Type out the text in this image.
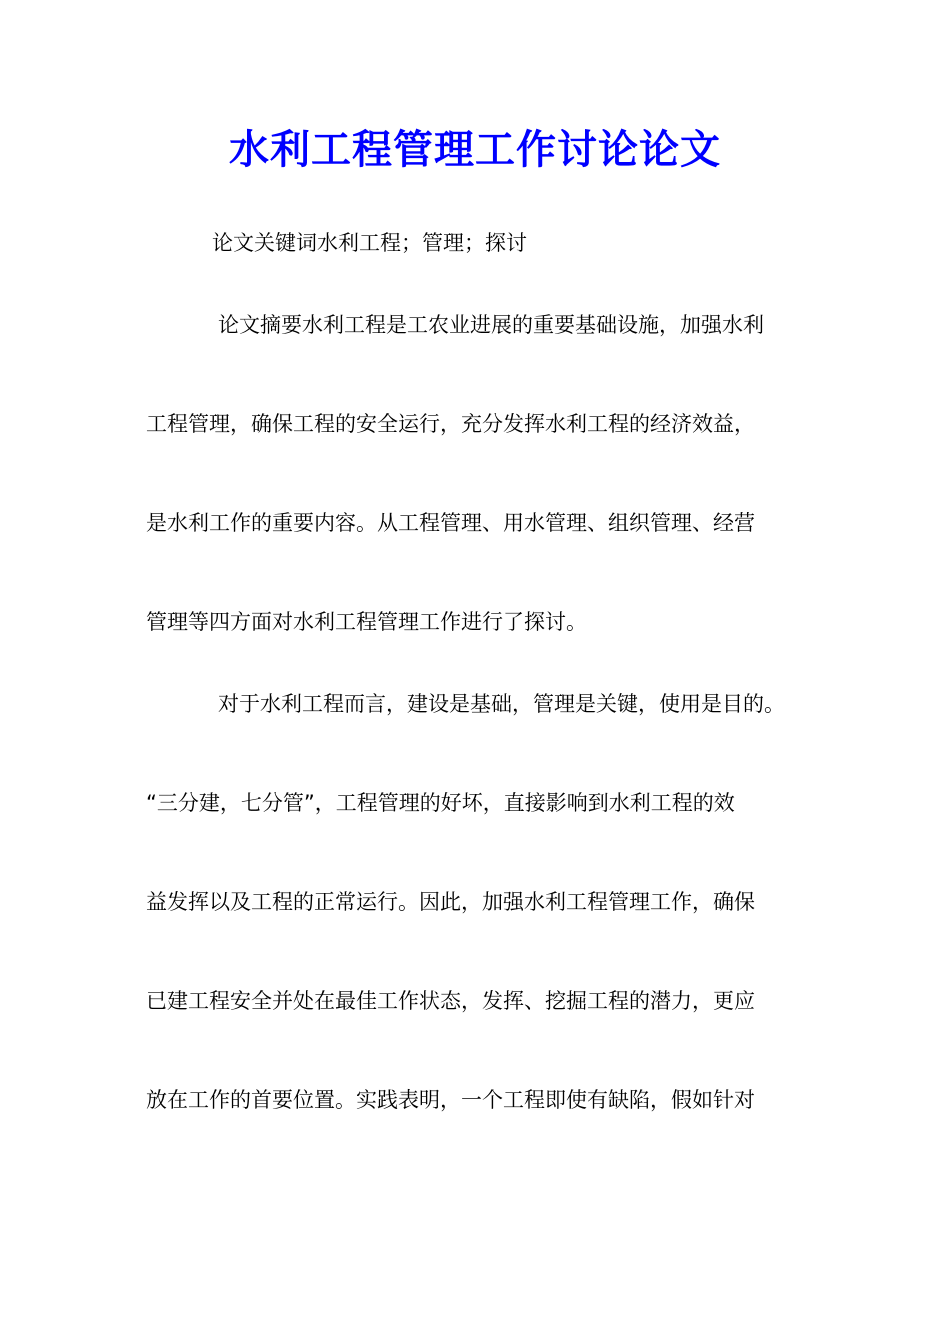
水利工程管理工作讨论论文
论文关键词水利工程；管理；探讨
论文摘要水利工程是工农业进展的重要基础设施，加强水利
工程管理，确保工程的安全运行，充分发挥水利工程的经济效益，
是水利工作的重要内容。从工程管理、用水管理、组织管理、经营
管理等四方面对水利工程管理工作进行了探讨。
对于水利工程而言，建设是基础，管理是关键，使用是目的。
“三分建，七分管”，工程管理的好坏，直接影响到水利工程的效
益发挥以及工程的正常运行。因此，加强水利工程管理工作，确保
已建工程安全并处在最佳工作状态，发挥、挖掘工程的潜力，更应
放在工作的首要位置。实践表明，一个工程即使有缺陷，假如针对
